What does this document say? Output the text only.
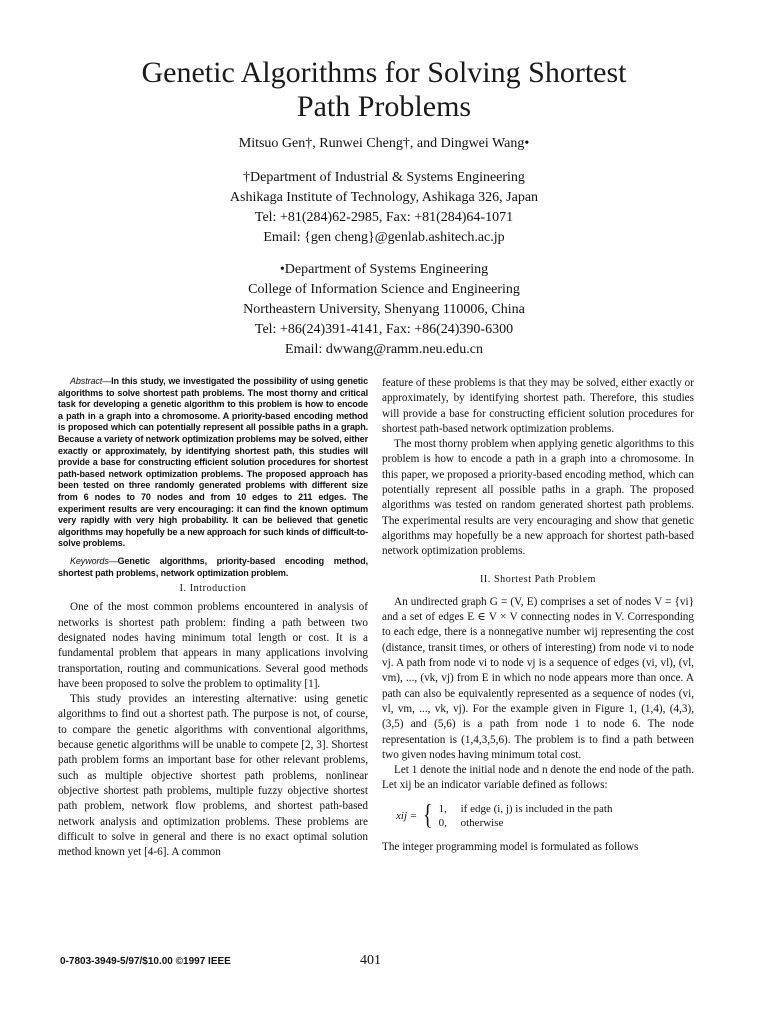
Genetic Algorithms for Solving Shortest
Path Problems
Mitsuo Gen†, Runwei Cheng†, and Dingwei Wang•
†Department of Industrial & Systems Engineering
Ashikaga Institute of Technology, Ashikaga 326, Japan
Tel: +81(284)62-2985, Fax: +81(284)64-1071
Email: {gen cheng}@genlab.ashitech.ac.jp
•Department of Systems Engineering
College of Information Science and Engineering
Northeastern University, Shenyang 110006, China
Tel: +86(24)391-4141, Fax: +86(24)390-6300
Email: dwwang@ramm.neu.edu.cn

Abstract—In this study, we investigated the possibility of using genetic algorithms to solve shortest path problems. The most thorny and critical task for developing a genetic algorithm to this problem is how to encode a path in a graph into a chromosome. A priority-based encoding method is proposed which can potentially represent all possible paths in a graph. Because a variety of network optimization problems may be solved, either exactly or approximately, by identifying shortest path, this studies will provide a base for constructing efficient solution procedures for shortest path-based network optimization problems. The proposed approach has been tested on three randomly generated problems with different size from 6 nodes to 70 nodes and from 10 edges to 211 edges. The experiment results are very encouraging: it can find the known optimum very rapidly with very high probability. It can be believed that genetic algorithms may hopefully be a new approach for such kinds of difficult-to-solve problems.

Keywords—Genetic algorithms, priority-based encoding method, shortest path problems, network optimization problem.

I. Introduction

One of the most common problems encountered in analysis of networks is shortest path problem: finding a path between two designated nodes having minimum total length or cost. It is a fundamental problem that appears in many applications involving transportation, routing and communications. Several good methods have been proposed to solve the problem to optimality [1].

This study provides an interesting alternative: using genetic algorithms to find out a shortest path. The purpose is not, of course, to compare the genetic algorithms with conventional algorithms, because genetic algorithms will be unable to compete [2, 3]. Shortest path problem forms an important base for other relevant problems, such as multiple objective shortest path problems, nonlinear objective shortest path problems, multiple fuzzy objective shortest path problem, network flow problems, and shortest path-based network analysis and optimization problems. These problems are difficult to solve in general and there is no exact optimal solution method known yet [4-6]. A common

feature of these problems is that they may be solved, either exactly or approximately, by identifying shortest path. Therefore, this studies will provide a base for constructing efficient solution procedures for shortest path-based network optimization problems.

The most thorny problem when applying genetic algorithms to this problem is how to encode a path in a graph into a chromosome. In this paper, we proposed a priority-based encoding method, which can potentially represent all possible paths in a graph. The proposed algorithms was tested on random generated shortest path problems. The experimental results are very encouraging and show that genetic algorithms may hopefully be a new approach for shortest path-based network optimization problems.

II. Shortest Path Problem

An undirected graph G = (V, E) comprises a set of nodes V = {vi} and a set of edges E ∈ V × V connecting nodes in V. Corresponding to each edge, there is a nonnegative number wij representing the cost (distance, transit times, or others of interesting) from node vi to node vj. A path from node vi to node vj is a sequence of edges (vi, vl), (vl, vm), ..., (vk, vj) from E in which no node appears more than once. A path can also be equivalently represented as a sequence of nodes (vi, vl, vm, ..., vk, vj). For the example given in Figure 1, (1,4), (4,3), (3,5) and (5,6) is a path from node 1 to node 6. The node representation is (1,4,3,5,6). The problem is to find a path between two given nodes having minimum total cost.

Let 1 denote the initial node and n denote the end node of the path. Let xij be an indicator variable defined as follows:

xij = { 1,	if edge (i, j) is included in the path
0,	otherwise

The integer programming model is formulated as follows

0-7803-3949-5/97/$10.00 ©1997 IEEE	401
